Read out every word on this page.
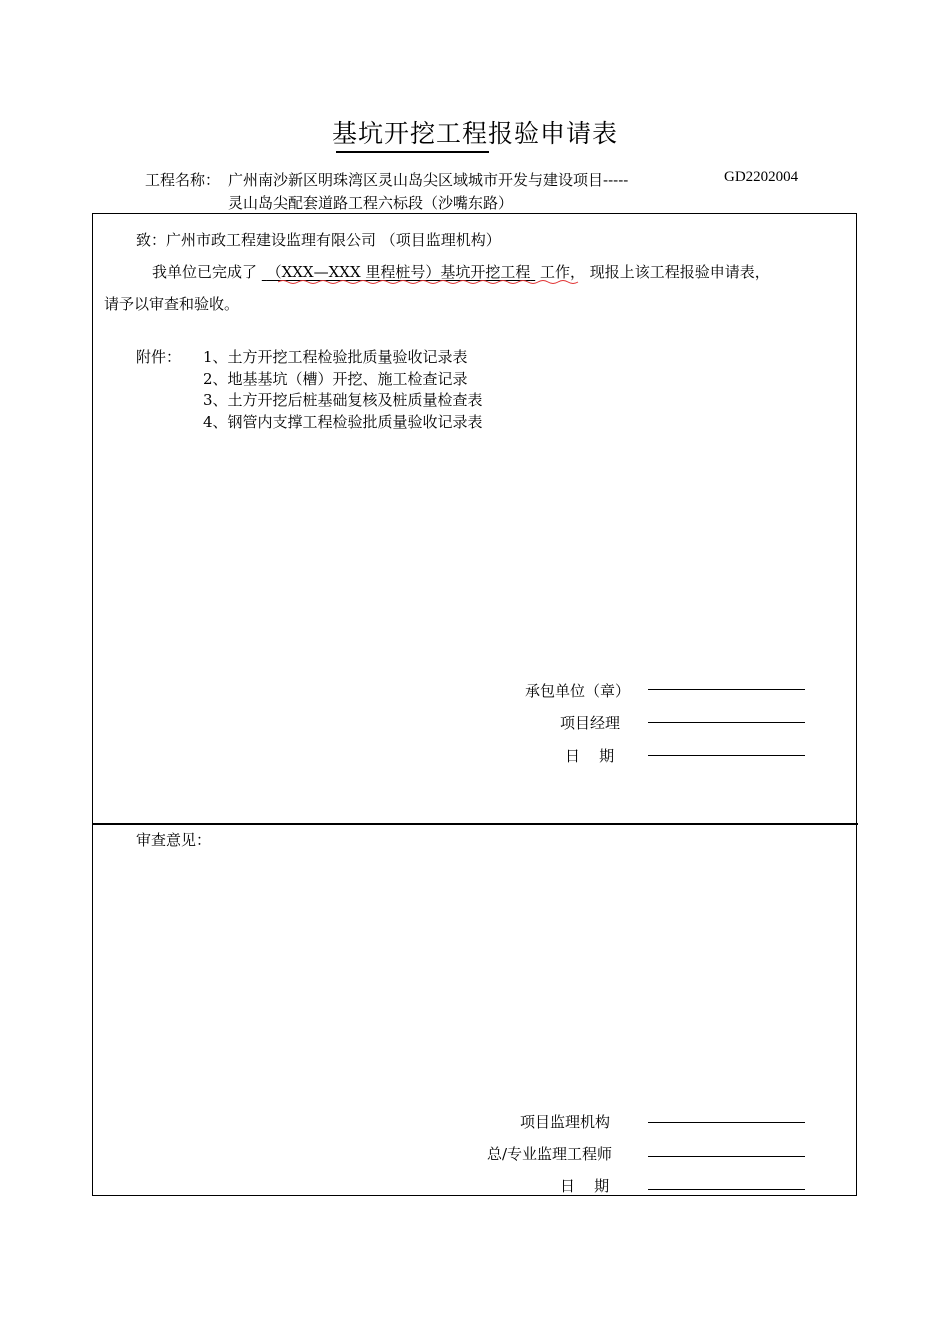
基坑开挖工程报验申请表
工程名称： 广州南沙新区明珠湾区灵山岛尖区域城市开发与建设项目-----
灵山岛尖配套道路工程六标段（沙嘴东路）
GD2202004
致：广州市政工程建设监理有限公司 （项目监理机构）
我单位已完成了 （XXX—XXX 里程桩号）基坑开挖工程 工作， 现报上该工程报验申请表，
请予以审查和验收。
附件： 1、土方开挖工程检验批质量验收记录表
2、地基基坑（槽）开挖、施工检查记录
3、土方开挖后桩基础复核及桩质量检查表
4、钢管内支撑工程检验批质量验收记录表
承包单位（章）
项目经理
日    期
审查意见：
项目监理机构
总/专业监理工程师
日    期
